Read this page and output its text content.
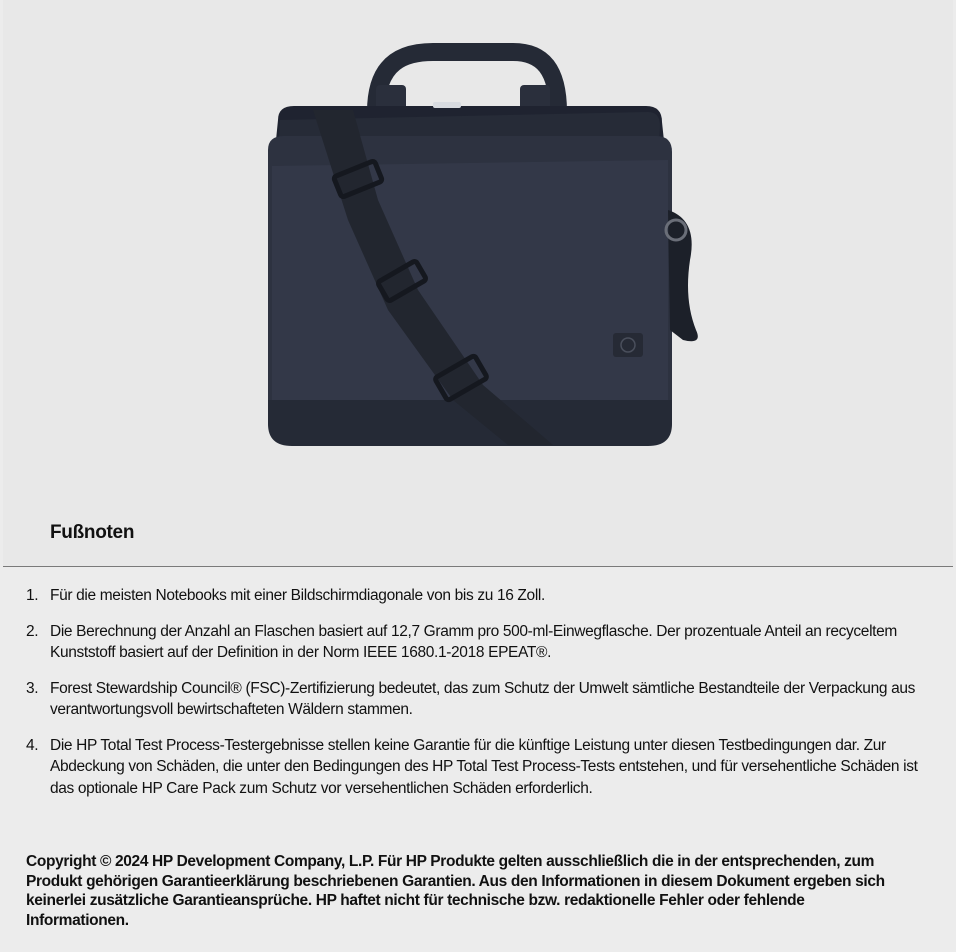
Fußnoten
1. Für die meisten Notebooks mit einer Bildschirmdiagonale von bis zu 16 Zoll.
2. Die Berechnung der Anzahl an Flaschen basiert auf 12,7 Gramm pro 500-ml-Einwegflasche. Der prozentuale Anteil an recyceltem Kunststoff basiert auf der Definition in der Norm IEEE 1680.1-2018 EPEAT®.
3. Forest Stewardship Council® (FSC)-Zertifizierung bedeutet, das zum Schutz der Umwelt sämtliche Bestandteile der Verpackung aus verantwortungsvoll bewirtschafteten Wäldern stammen.
4. Die HP Total Test Process-Testergebnisse stellen keine Garantie für die künftige Leistung unter diesen Testbedingungen dar. Zur Abdeckung von Schäden, die unter den Bedingungen des HP Total Test Process-Tests entstehen, und für versehentliche Schäden ist das optionale HP Care Pack zum Schutz vor versehentlichen Schäden erforderlich.

Copyright © 2024 HP Development Company, L.P. Für HP Produkte gelten ausschließlich die in der entsprechenden, zum Produkt gehörigen Garantieerklärung beschriebenen Garantien. Aus den Informationen in diesem Dokument ergeben sich keinerlei zusätzliche Garantieansprüche. HP haftet nicht für technische bzw. redaktionelle Fehler oder fehlende Informationen.
